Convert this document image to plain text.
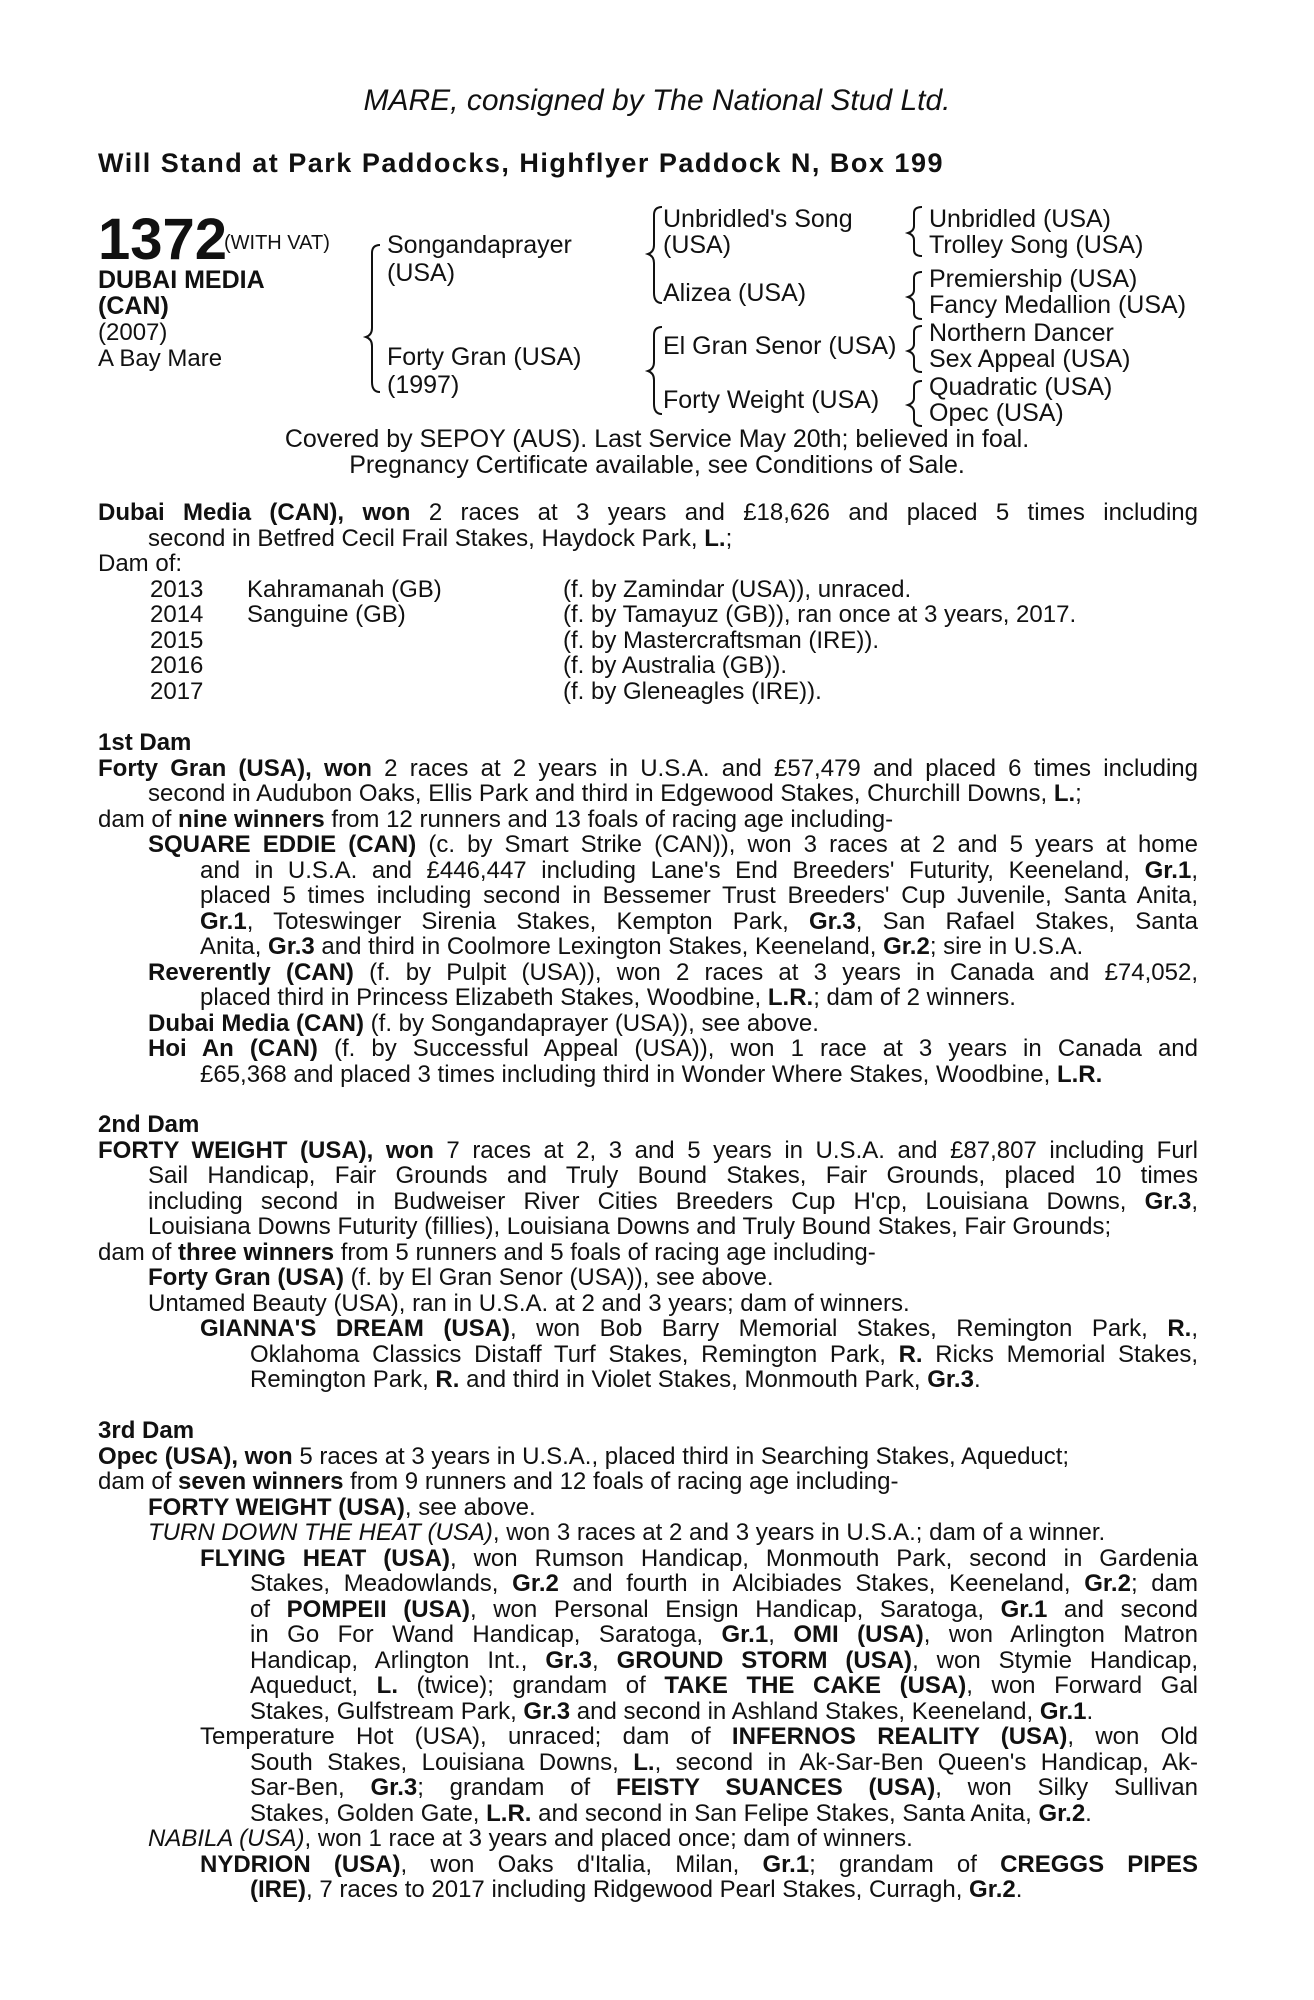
MARE, consigned by The National Stud Ltd.
Will Stand at Park Paddocks, Highflyer Paddock N, Box 199
1372
(WITH VAT)
DUBAI MEDIA
(CAN)
(2007)
A Bay Mare
Songandaprayer
(USA)
Forty Gran (USA)
(1997)
Unbridled's Song
(USA)
Alizea (USA)
El Gran Senor (USA)
Forty Weight (USA)
Unbridled (USA)
Trolley Song (USA)
Premiership (USA)
Fancy Medallion (USA)
Northern Dancer
Sex Appeal (USA)
Quadratic (USA)
Opec (USA)
Covered by SEPOY (AUS). Last Service May 20th; believed in foal.
Pregnancy Certificate available, see Conditions of Sale.
Dubai Media (CAN), won 2 races at 3 years and £18,626 and placed 5 times including
second in Betfred Cecil Frail Stakes, Haydock Park, L.;
Dam of:
2013 Kahramanah (GB)	(f. by Zamindar (USA)), unraced.
2014 Sanguine (GB)	(f. by Tamayuz (GB)), ran once at 3 years, 2017.
2015	(f. by Mastercraftsman (IRE)).
2016	(f. by Australia (GB)).
2017	(f. by Gleneagles (IRE)).
1st Dam
Forty Gran (USA), won 2 races at 2 years in U.S.A. and £57,479 and placed 6 times including
second in Audubon Oaks, Ellis Park and third in Edgewood Stakes, Churchill Downs, L.;
dam of nine winners from 12 runners and 13 foals of racing age including-
SQUARE EDDIE (CAN) (c. by Smart Strike (CAN)), won 3 races at 2 and 5 years at home
and in U.S.A. and £446,447 including Lane's End Breeders' Futurity, Keeneland, Gr.1,
placed 5 times including second in Bessemer Trust Breeders' Cup Juvenile, Santa Anita,
Gr.1, Toteswinger Sirenia Stakes, Kempton Park, Gr.3, San Rafael Stakes, Santa
Anita, Gr.3 and third in Coolmore Lexington Stakes, Keeneland, Gr.2; sire in U.S.A.
Reverently (CAN) (f. by Pulpit (USA)), won 2 races at 3 years in Canada and £74,052,
placed third in Princess Elizabeth Stakes, Woodbine, L.R.; dam of 2 winners.
Dubai Media (CAN) (f. by Songandaprayer (USA)), see above.
Hoi An (CAN) (f. by Successful Appeal (USA)), won 1 race at 3 years in Canada and
£65,368 and placed 3 times including third in Wonder Where Stakes, Woodbine, L.R.
2nd Dam
FORTY WEIGHT (USA), won 7 races at 2, 3 and 5 years in U.S.A. and £87,807 including Furl
Sail Handicap, Fair Grounds and Truly Bound Stakes, Fair Grounds, placed 10 times
including second in Budweiser River Cities Breeders Cup H'cp, Louisiana Downs, Gr.3,
Louisiana Downs Futurity (fillies), Louisiana Downs and Truly Bound Stakes, Fair Grounds;
dam of three winners from 5 runners and 5 foals of racing age including-
Forty Gran (USA) (f. by El Gran Senor (USA)), see above.
Untamed Beauty (USA), ran in U.S.A. at 2 and 3 years; dam of winners.
GIANNA'S DREAM (USA), won Bob Barry Memorial Stakes, Remington Park, R.,
Oklahoma Classics Distaff Turf Stakes, Remington Park, R. Ricks Memorial Stakes,
Remington Park, R. and third in Violet Stakes, Monmouth Park, Gr.3.
3rd Dam
Opec (USA), won 5 races at 3 years in U.S.A., placed third in Searching Stakes, Aqueduct;
dam of seven winners from 9 runners and 12 foals of racing age including-
FORTY WEIGHT (USA), see above.
TURN DOWN THE HEAT (USA), won 3 races at 2 and 3 years in U.S.A.; dam of a winner.
FLYING HEAT (USA), won Rumson Handicap, Monmouth Park, second in Gardenia
Stakes, Meadowlands, Gr.2 and fourth in Alcibiades Stakes, Keeneland, Gr.2; dam
of POMPEII (USA), won Personal Ensign Handicap, Saratoga, Gr.1 and second
in Go For Wand Handicap, Saratoga, Gr.1, OMI (USA), won Arlington Matron
Handicap, Arlington Int., Gr.3, GROUND STORM (USA), won Stymie Handicap,
Aqueduct, L. (twice); grandam of TAKE THE CAKE (USA), won Forward Gal
Stakes, Gulfstream Park, Gr.3 and second in Ashland Stakes, Keeneland, Gr.1.
Temperature Hot (USA), unraced; dam of INFERNOS REALITY (USA), won Old
South Stakes, Louisiana Downs, L., second in Ak-Sar-Ben Queen's Handicap, Ak-
Sar-Ben, Gr.3; grandam of FEISTY SUANCES (USA), won Silky Sullivan
Stakes, Golden Gate, L.R. and second in San Felipe Stakes, Santa Anita, Gr.2.
NABILA (USA), won 1 race at 3 years and placed once; dam of winners.
NYDRION (USA), won Oaks d'Italia, Milan, Gr.1; grandam of CREGGS PIPES
(IRE), 7 races to 2017 including Ridgewood Pearl Stakes, Curragh, Gr.2.
